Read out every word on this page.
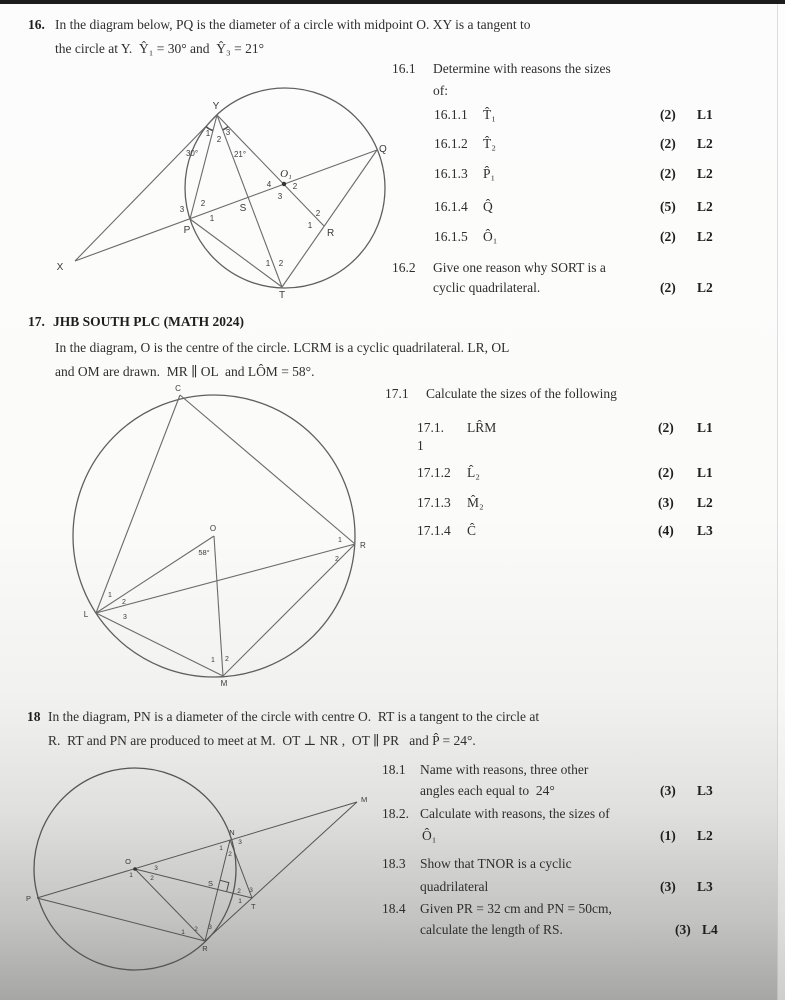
16. In the diagram below, PQ is the diameter of a circle with midpoint O. XY is a tangent to
the circle at Y.  Ŷ₁ = 30° and  Ŷ₃ = 21°
16.1 Determine with reasons the sizes
of:
16.1.1 T̂₁	(2) L1
16.1.2 T̂₂	(2) L2
16.1.3 P̂₁	(2) L2
16.1.4 Q̂	(5) L2
16.1.5 Ô₁	(2) L2
16.2 Give one reason why SORT is a
cyclic quadrilateral.	(2) L2
Y
Q
O₁
S
P	R
T
X
1
2
3
30°	21°
4	2
3
3
2
1
2
1
1 2
17. JHB SOUTH PLC (MATH 2024)
In the diagram, O is the centre of the circle. LCRM is a cyclic quadrilateral. LR, OL
and OM are drawn.  MR ∥ OL  and LÔM = 58°.
17.1 Calculate the sizes of the following
17.1.
1
LR̂M	(2) L1
17.1.2 L̂₂	(2) L1
17.1.3 M̂₂	(3) L2
17.1.4 Ĉ	(4) L3
C
O
R
L
M
58°
1
2
3
1
2
1 2
18 In the diagram, PN is a diameter of the circle with centre O.  RT is a tangent to the circle at
R.  RT and PN are produced to meet at M.  OT ⊥ NR ,  OT ∥ PR   and P̂ = 24°.
18.1 Name with reasons, three other
angles each equal to  24°	(3) L3
18.2. Calculate with reasons, the sizes of
Ô₁	(1) L2
18.3 Show that TNOR is a cyclic
quadrilateral	(3) L3
18.4 Given PR = 32 cm and PN = 50cm,
calculate the length of RS.	(3) L4
P
M
O
N
S
T
R
3
1	2
3
1
2
2 3
1
1 2 3
